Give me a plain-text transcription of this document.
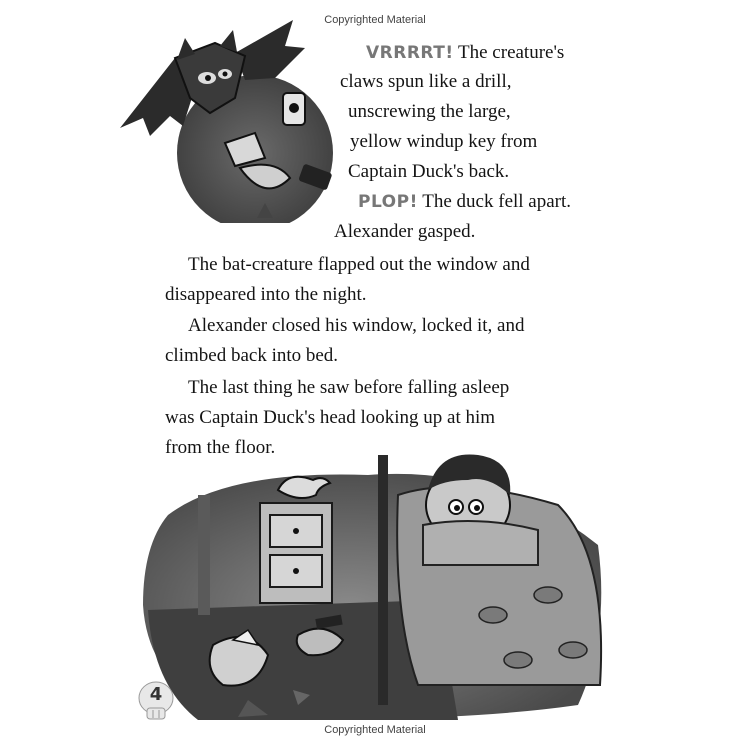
Copyrighted Material
VRRRRT! The creature's
claws spun like a drill,
unscrewing the large,
yellow windup key from
Captain Duck's back.
PLOP! The duck fell apart.
Alexander gasped.
The bat-creature flapped out the window and
disappeared into the night.
Alexander closed his window, locked it, and
climbed back into bed.
The last thing he saw before falling asleep
was Captain Duck's head looking up at him
from the floor.
4
Copyrighted Material
